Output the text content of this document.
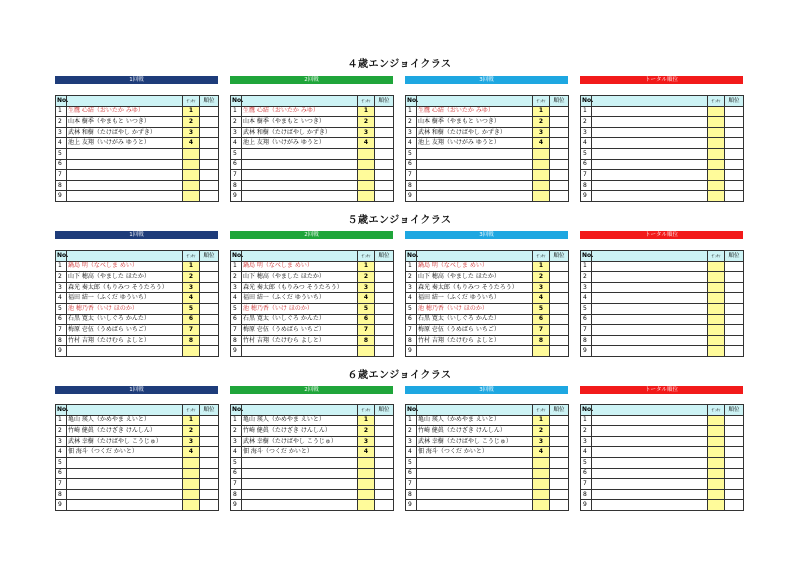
４歳エンジョイクラス
1回戦
No.		ｾﾞｯｹﾝ	順位
1	生鷹 心結（おいたか みゆ）	1	
2	山本 樹季（やまもと いつき）	2	
3	武林 和樹（たけばやし かずき）	3	
4	池上 友翔（いけがみ ゆうと）	4	
5			
6			
7			
8			
9			
2回戦
No.		ｾﾞｯｹﾝ	順位
1	生鷹 心結（おいたか みゆ）	1	
2	山本 樹季（やまもと いつき）	2	
3	武林 和樹（たけばやし かずき）	3	
4	池上 友翔（いけがみ ゆうと）	4	
5			
6			
7			
8			
9			
3回戦
No.		ｾﾞｯｹﾝ	順位
1	生鷹 心結（おいたか みゆ）	1	
2	山本 樹季（やまもと いつき）	2	
3	武林 和樹（たけばやし かずき）	3	
4	池上 友翔（いけがみ ゆうと）	4	
5			
6			
7			
8			
9			
トータル順位
No.		ｾﾞｯｹﾝ	順位
1			
2			
3			
4			
5			
6			
7			
8			
9			
５歳エンジョイクラス
1回戦
No.		ｾﾞｯｹﾝ	順位
1	鍋島 明（なべしま めい）	1	
2	山下 穂高（やました ほたか）	2	
3	森光 奏太郎（もりみつ そうたろう）	3	
4	福田 結一（ふくだ ゆういち）	4	
5	池 穂乃香（いけ ほのか）	5	
6	石黒 寛太（いしぐろ かんた）	6	
7	梅原 壱伍（うめばら いちご）	7	
8	竹村 吉翔（たけむら よしと）	8	
9			
2回戦
No.		ｾﾞｯｹﾝ	順位
1	鍋島 明（なべしま めい）	1	
2	山下 穂高（やました ほたか）	2	
3	森光 奏太郎（もりみつ そうたろう）	3	
4	福田 結一（ふくだ ゆういち）	4	
5	池 穂乃香（いけ ほのか）	5	
6	石黒 寛太（いしぐろ かんた）	6	
7	梅原 壱伍（うめばら いちご）	7	
8	竹村 吉翔（たけむら よしと）	8	
9			
3回戦
No.		ｾﾞｯｹﾝ	順位
1	鍋島 明（なべしま めい）	1	
2	山下 穂高（やました ほたか）	2	
3	森光 奏太郎（もりみつ そうたろう）	3	
4	福田 結一（ふくだ ゆういち）	4	
5	池 穂乃香（いけ ほのか）	5	
6	石黒 寛太（いしぐろ かんた）	6	
7	梅原 壱伍（うめばら いちご）	7	
8	竹村 吉翔（たけむら よしと）	8	
9			
トータル順位
No.		ｾﾞｯｹﾝ	順位
1			
2			
3			
4			
5			
6			
7			
8			
9			
６歳エンジョイクラス
1回戦
No.		ｾﾞｯｹﾝ	順位
1	亀山 瑛人（かめやま えいと）	1	
2	竹崎 健眞（たけざき けんしん）	2	
3	武林 幸樹（たけばやし こうじゅ）	3	
4	佃 海斗（つくだ かいと）	4	
5			
6			
7			
8			
9			
2回戦
No.		ｾﾞｯｹﾝ	順位
1	亀山 瑛人（かめやま えいと）	1	
2	竹崎 健眞（たけざき けんしん）	2	
3	武林 幸樹（たけばやし こうじゅ）	3	
4	佃 海斗（つくだ かいと）	4	
5			
6			
7			
8			
9			
3回戦
No.		ｾﾞｯｹﾝ	順位
1	亀山 瑛人（かめやま えいと）	1	
2	竹崎 健眞（たけざき けんしん）	2	
3	武林 幸樹（たけばやし こうじゅ）	3	
4	佃 海斗（つくだ かいと）	4	
5			
6			
7			
8			
9			
トータル順位
No.		ｾﾞｯｹﾝ	順位
1			
2			
3			
4			
5			
6			
7			
8			
9			
